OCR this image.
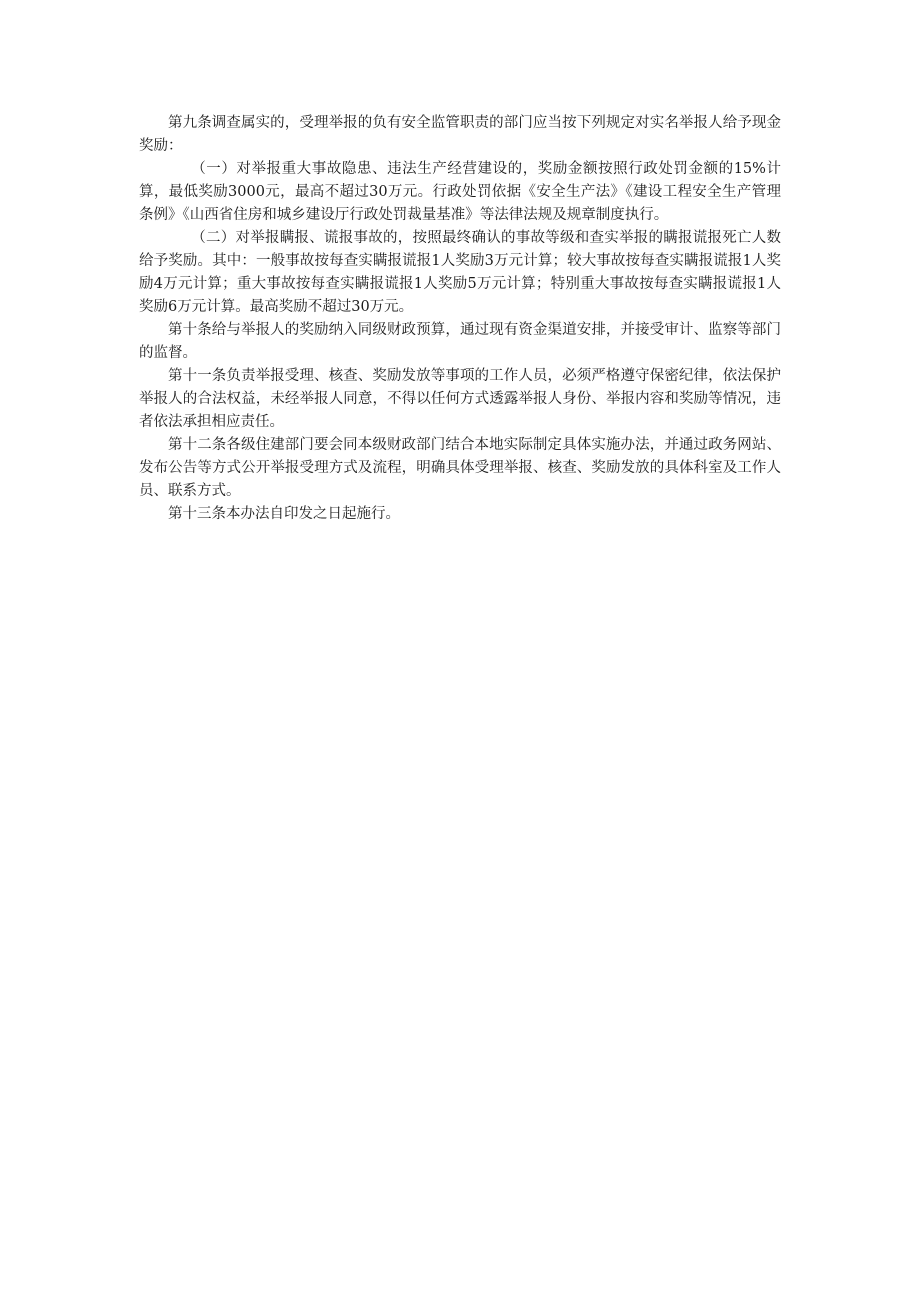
第九条调查属实的，受理举报的负有安全监管职责的部门应当按下列规定对实名举报人给予现金奖励：

（一）对举报重大事故隐患、违法生产经营建设的，奖励金额按照行政处罚金额的15%计算，最低奖励3000元，最高不超过30万元。行政处罚依据《安全生产法》《建设工程安全生产管理条例》《山西省住房和城乡建设厅行政处罚裁量基准》等法律法规及规章制度执行。

（二）对举报瞒报、谎报事故的，按照最终确认的事故等级和查实举报的瞒报谎报死亡人数给予奖励。其中：一般事故按每查实瞒报谎报1人奖励3万元计算；较大事故按每查实瞒报谎报1人奖励4万元计算；重大事故按每查实瞒报谎报1人奖励5万元计算；特别重大事故按每查实瞒报谎报1人奖励6万元计算。最高奖励不超过30万元。

第十条给与举报人的奖励纳入同级财政预算，通过现有资金渠道安排，并接受审计、监察等部门的监督。

第十一条负责举报受理、核查、奖励发放等事项的工作人员，必须严格遵守保密纪律，依法保护举报人的合法权益，未经举报人同意，不得以任何方式透露举报人身份、举报内容和奖励等情况，违者依法承担相应责任。

第十二条各级住建部门要会同本级财政部门结合本地实际制定具体实施办法，并通过政务网站、发布公告等方式公开举报受理方式及流程，明确具体受理举报、核查、奖励发放的具体科室及工作人员、联系方式。

第十三条本办法自印发之日起施行。
